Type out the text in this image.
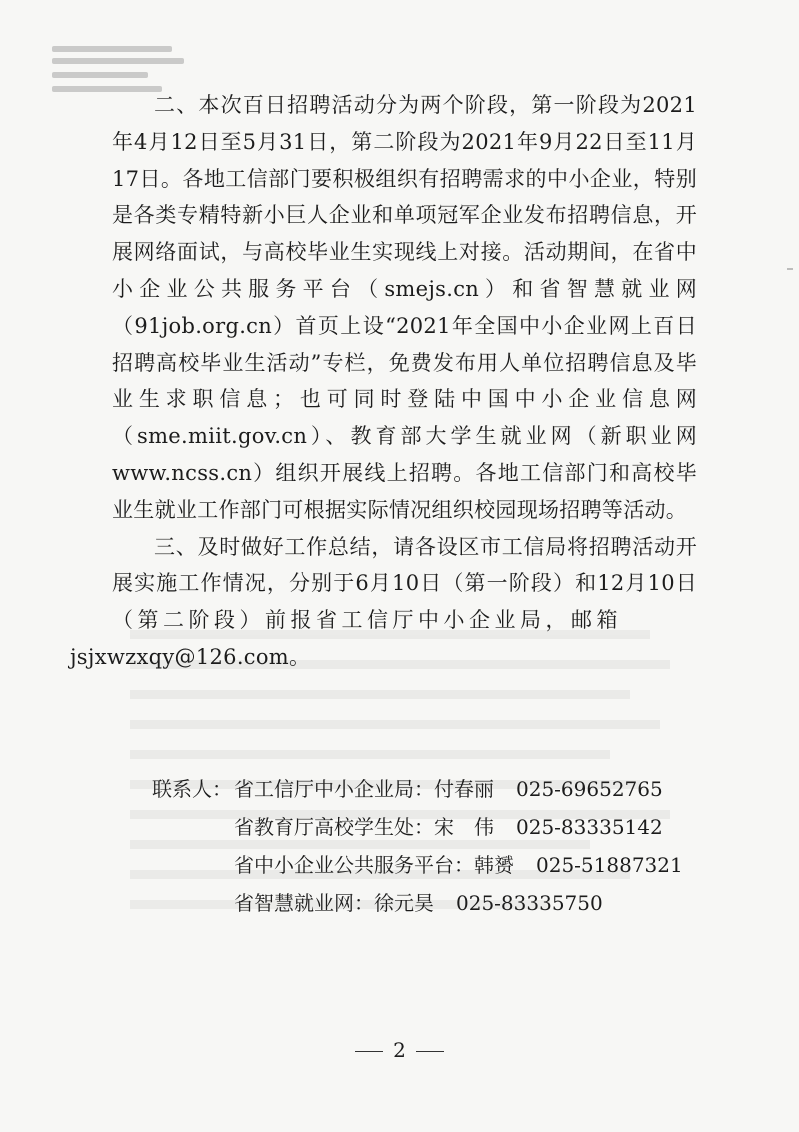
二、本次百日招聘活动分为两个阶段，第一阶段为2021年4月12日至5月31日，第二阶段为2021年9月22日至11月17日。各地工信部门要积极组织有招聘需求的中小企业，特别是各类专精特新小巨人企业和单项冠军企业发布招聘信息，开展网络面试，与高校毕业生实现线上对接。活动期间，在省中小企业公共服务平台（smejs.cn）和省智慧就业网（91job.org.cn）首页上设“2021年全国中小企业网上百日招聘高校毕业生活动”专栏，免费发布用人单位招聘信息及毕业生求职信息；也可同时登陆中国中小企业信息网（sme.miit.gov.cn）、教育部大学生就业网（新职业网 www.ncss.cn）组织开展线上招聘。各地工信部门和高校毕业生就业工作部门可根据实际情况组织校园现场招聘等活动。

三、及时做好工作总结，请各设区市工信局将招聘活动开展实施工作情况，分别于6月10日（第一阶段）和12月10日（第二阶段）前报省工信厅中小企业局，邮箱
jsjxwzxqy@126.com。

联系人： 省工信厅中小企业局：付春丽 025-69652765
省教育厅高校学生处：宋　伟 025-83335142
省中小企业公共服务平台：韩赟 025-51887321
省智慧就业网：徐元昊 025-83335750
2
